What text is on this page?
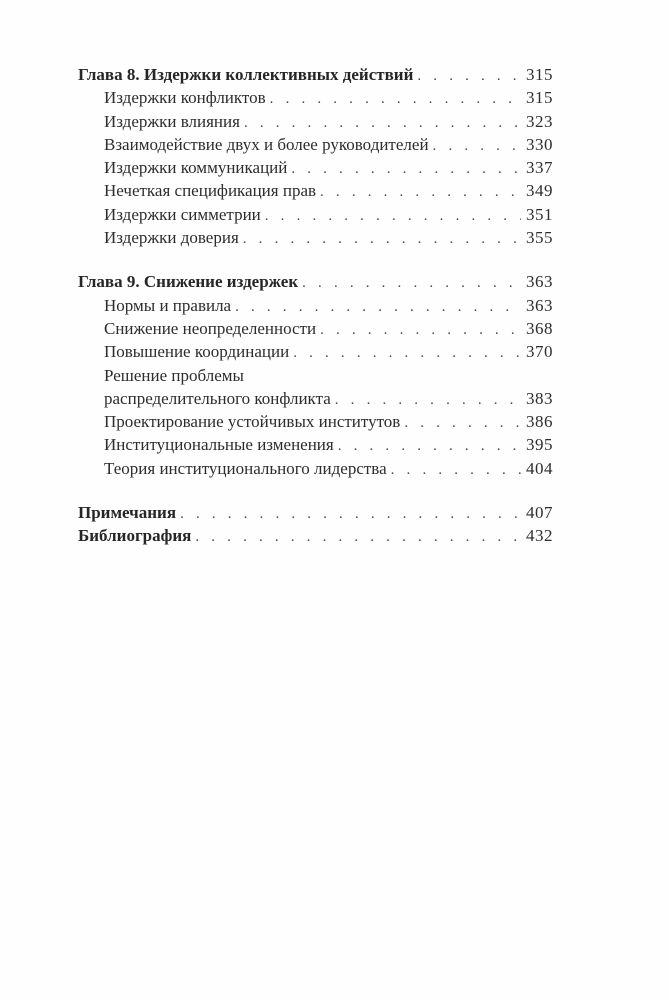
Глава 8. Издержки коллективных действий . . .	315
Издержки конфликтов . . .	315
Издержки влияния . . .	323
Взаимодействие двух и более руководителей . . .	330
Издержки коммуникаций . . .	337
Нечеткая спецификация прав . . .	349
Издержки симметрии . . .	351
Издержки доверия . . .	355
Глава 9. Снижение издержек . . .	363
Нормы и правила . . .	363
Снижение неопределенности . . .	368
Повышение координации . . .	370
Решение проблемы
распределительного конфликта . . .	383
Проектирование устойчивых институтов . . .	386
Институциональные изменения . . .	395
Теория институционального лидерства . . .	404
Примечания . . .	407
Библиография . . .	432
